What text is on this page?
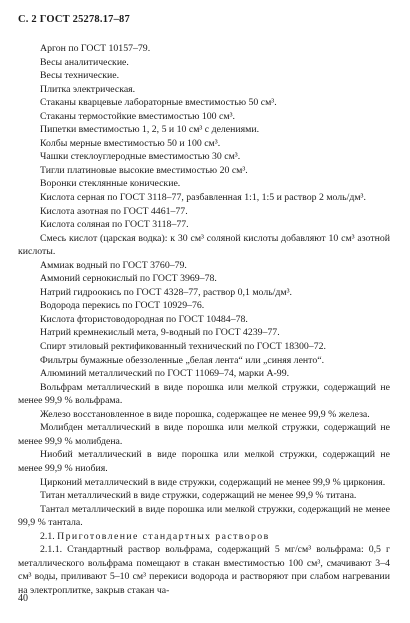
С. 2 ГОСТ 25278.17–87
Аргон по ГОСТ 10157–79.
Весы аналитические.
Весы технические.
Плитка электрическая.
Стаканы кварцевые лабораторные вместимостью 50 см³.
Стаканы термостойкие вместимостью 100 см³.
Пипетки вместимостью 1, 2, 5 и 10 см³ с делениями.
Колбы мерные вместимостью 50 и 100 см³.
Чашки стеклоуглеродные вместимостью 30 см³.
Тигли платиновые высокие вместимостью 20 см³.
Воронки стеклянные конические.

Кислота серная по ГОСТ 3118–77, разбавленная 1:1, 1:5 и раствор 2 моль/дм³.

Кислота азотная по ГОСТ 4461–77.
Кислота соляная по ГОСТ 3118–77.

Смесь кислот (царская водка): к 30 см³ соляной кислоты добавляют 10 см³ азотной кислоты.

Аммиак водный по ГОСТ 3760–79.
Аммоний сернокислый по ГОСТ 3969–78.
Натрий гидроокись по ГОСТ 4328–77, раствор 0,1 моль/дм³.
Водорода перекись по ГОСТ 10929–76.
Кислота фтористоводородная по ГОСТ 10484–78.
Натрий кремнекислый мета, 9-водный по ГОСТ 4239–77.
Спирт этиловый ректификованный технический по ГОСТ 18300–72.
Фильтры бумажные обеззоленные „белая лента“ или „синяя ленто“.
Алюминий металлический по ГОСТ 11069–74, марки А-99.

Вольфрам металлический в виде порошка или мелкой стружки, содержащий не менее 99,9 % вольфрама.

Железо восстановленное в виде порошка, содержащее не менее 99,9 % железа.

Молибден металлический в виде порошка или мелкой стружки, содержащий не менее 99,9 % молибдена.

Ниобий металлический в виде порошка или мелкой стружки, содержащий не менее 99,9 % ниобия.

Цирконий металлический в виде стружки, содержащий не менее 99,9 % циркония.

Титан металлический в виде стружки, содержащий не менее 99,9 % титана.

Тантал металлический в виде порошка или мелкой стружки, содержащий не менее 99,9 % тантала.

2.1. Приготовление стандартных растворов

2.1.1. Стандартный раствор вольфрама, содержащий 5 мг/см³ вольфрама: 0,5 г металлического вольфрама помещают в стакан вместимостью 100 см³, смачивают 3–4 см³ воды, приливают 5–10 см³ перекиси водорода и растворяют при слабом нагревании на электроплитке, закрыв стакан ча-

40
